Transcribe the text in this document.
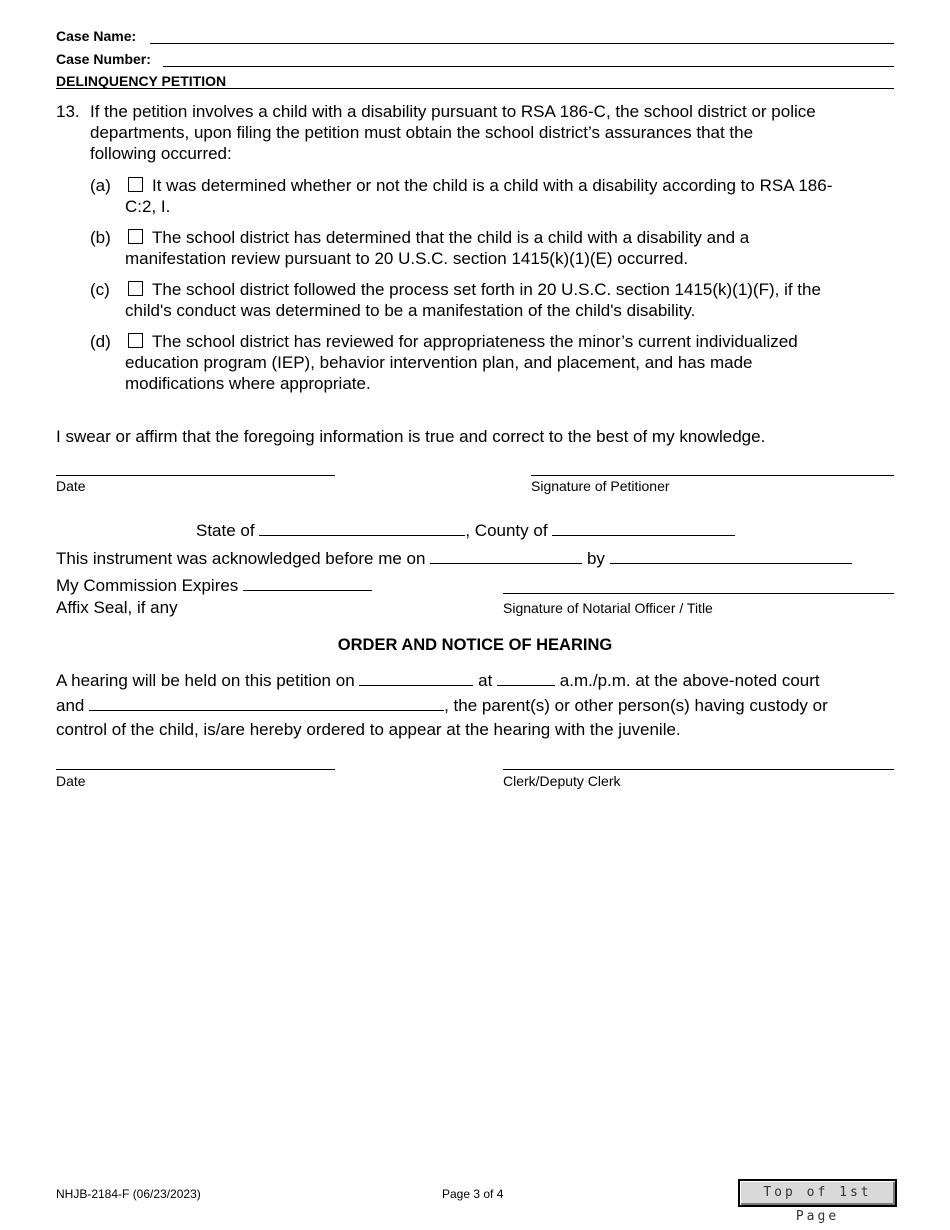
Case Name:
Case Number:
DELINQUENCY PETITION
13. If the petition involves a child with a disability pursuant to RSA 186-C, the school district or police
departments, upon filing the petition must obtain the school district’s assurances that the
following occurred:
(a) It was determined whether or not the child is a child with a disability according to RSA 186-
C:2, I.
(b) The school district has determined that the child is a child with a disability and a
manifestation review pursuant to 20 U.S.C. section 1415(k)(1)(E) occurred.
(c) The school district followed the process set forth in 20 U.S.C. section 1415(k)(1)(F), if the
child's conduct was determined to be a manifestation of the child's disability.
(d) The school district has reviewed for appropriateness the minor’s current individualized
education program (IEP), behavior intervention plan, and placement, and has made
modifications where appropriate.
I swear or affirm that the foregoing information is true and correct to the best of my knowledge.
Date	Signature of Petitioner
State of	, County of
This instrument was acknowledged before me on	by
My Commission Expires
Affix Seal, if any	Signature of Notarial Officer / Title
ORDER AND NOTICE OF HEARING
A hearing will be held on this petition on	at	a.m./p.m. at the above-noted court
and	, the parent(s) or other person(s) having custody or
control of the child, is/are hereby ordered to appear at the hearing with the juvenile.
Date	Clerk/Deputy Clerk
NHJB-2184-F (06/23/2023)	Page 3 of 4	Top of 1st Page
